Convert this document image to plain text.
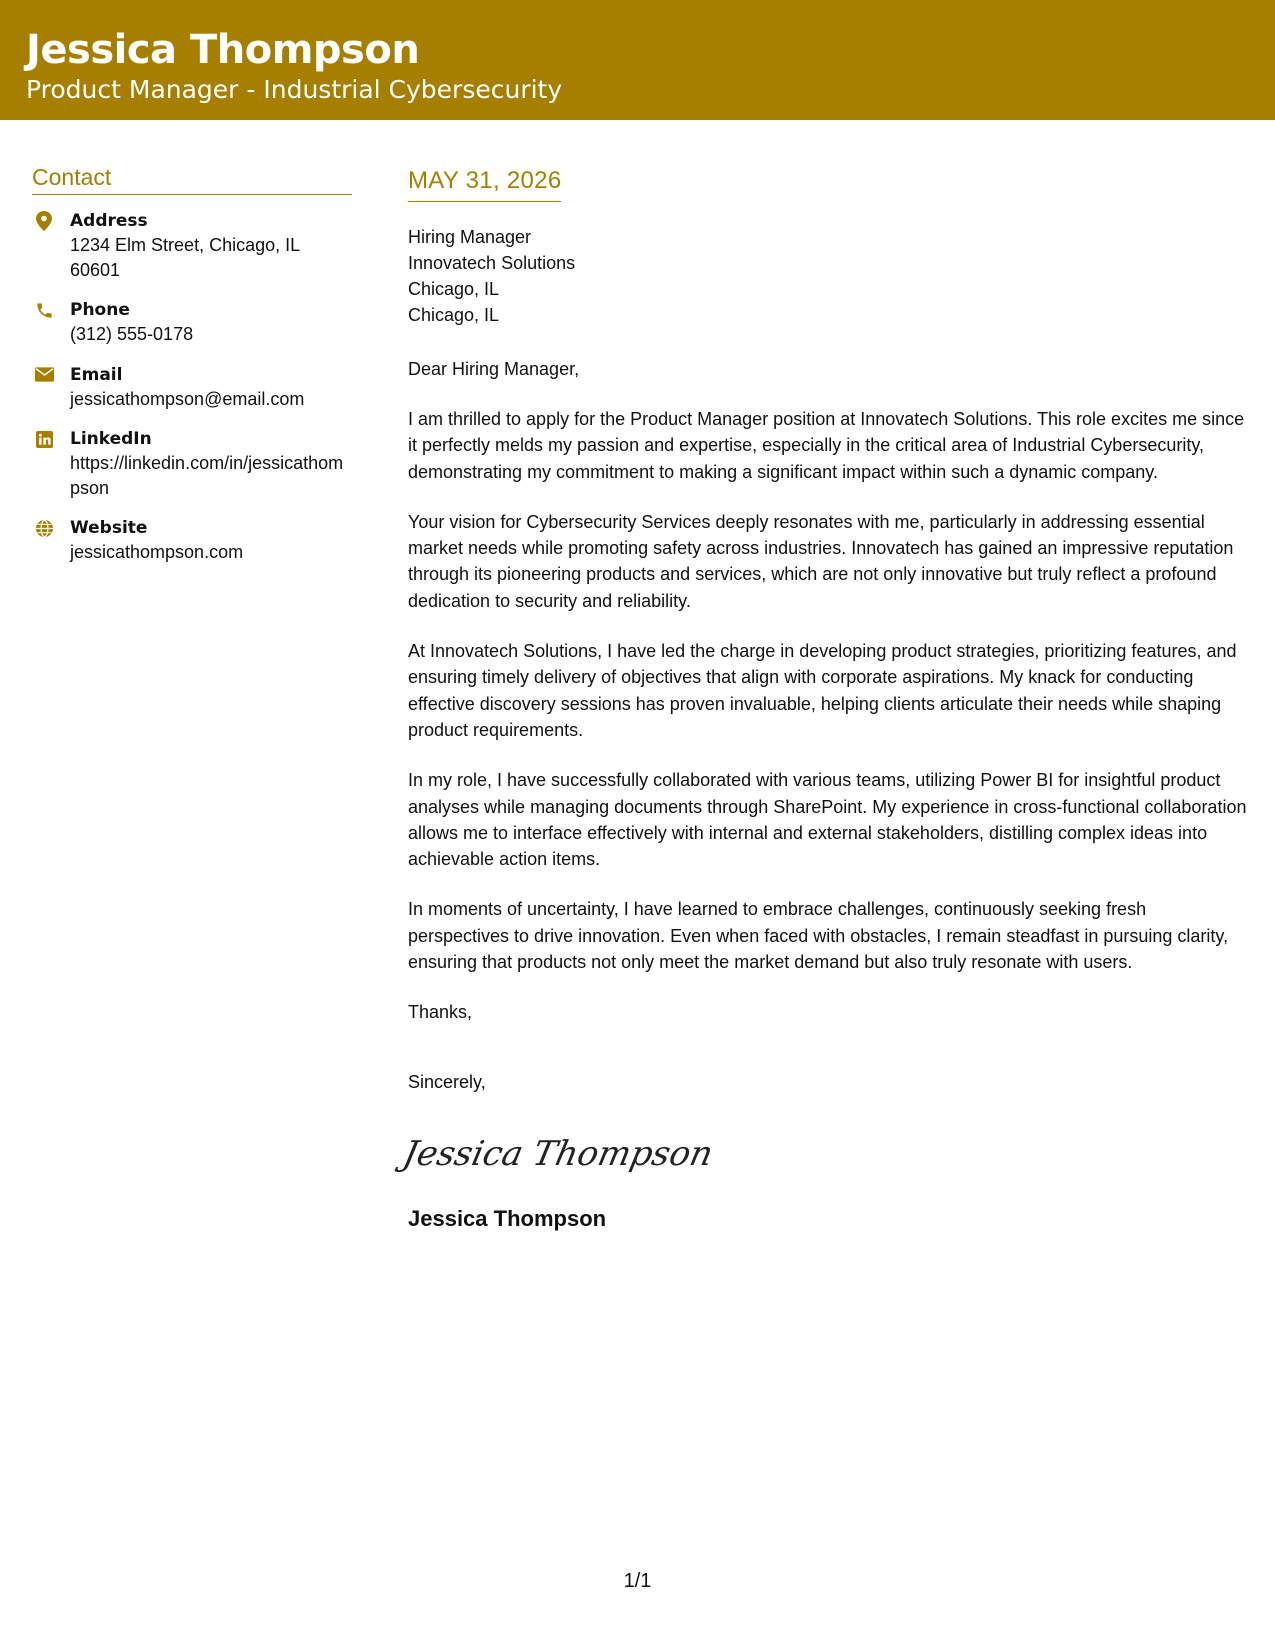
Jessica Thompson
Product Manager - Industrial Cybersecurity
Contact
Address
1234 Elm Street, Chicago, IL 60601
Phone
(312) 555-0178
Email
jessicathompson@email.com
LinkedIn
https://linkedin.com/in/jessicathompson
Website
jessicathompson.com
MAY 31, 2026
Hiring Manager
Innovatech Solutions
Chicago, IL
Chicago, IL
Dear Hiring Manager,
I am thrilled to apply for the Product Manager position at Innovatech Solutions. This role excites me since it perfectly melds my passion and expertise, especially in the critical area of Industrial Cybersecurity, demonstrating my commitment to making a significant impact within such a dynamic company.
Your vision for Cybersecurity Services deeply resonates with me, particularly in addressing essential market needs while promoting safety across industries. Innovatech has gained an impressive reputation through its pioneering products and services, which are not only innovative but truly reflect a profound dedication to security and reliability.
At Innovatech Solutions, I have led the charge in developing product strategies, prioritizing features, and ensuring timely delivery of objectives that align with corporate aspirations. My knack for conducting effective discovery sessions has proven invaluable, helping clients articulate their needs while shaping product requirements.
In my role, I have successfully collaborated with various teams, utilizing Power BI for insightful product analyses while managing documents through SharePoint. My experience in cross-functional collaboration allows me to interface effectively with internal and external stakeholders, distilling complex ideas into achievable action items.
In moments of uncertainty, I have learned to embrace challenges, continuously seeking fresh perspectives to drive innovation. Even when faced with obstacles, I remain steadfast in pursuing clarity, ensuring that products not only meet the market demand but also truly resonate with users.
Thanks,
Sincerely,
Jessica Thompson
Jessica Thompson
1/1
